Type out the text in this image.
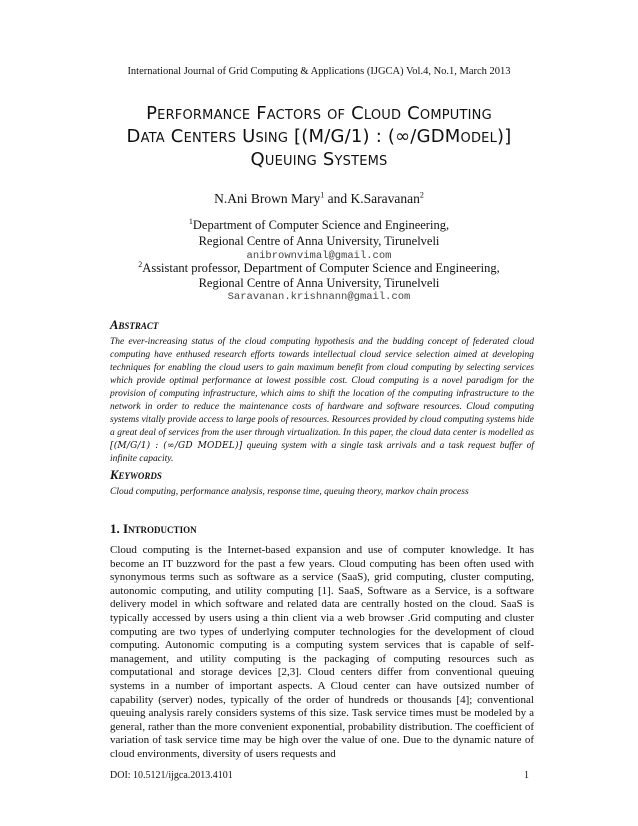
International Journal of Grid Computing & Applications (IJGCA) Vol.4, No.1, March 2013
Performance Factors of Cloud Computing
Data Centers Using [(M/G/1) : (∞/GDModel)]
Queuing Systems
N.Ani Brown Mary$^1$ and K.Saravanan$^2$
$^1$Department of Computer Science and Engineering,
Regional Centre of Anna University, Tirunelveli
anibrownvimal@gmail.com
$^2$Assistant professor, Department of Computer Science and Engineering,
Regional Centre of Anna University, Tirunelveli
Saravanan.krishnann@gmail.com
Abstract
The ever-increasing status of the cloud computing hypothesis and the budding concept of federated cloud computing have enthused research efforts towards intellectual cloud service selection aimed at developing techniques for enabling the cloud users to gain maximum benefit from cloud computing by selecting services which provide optimal performance at lowest possible cost. Cloud computing is a novel paradigm for the provision of computing infrastructure, which aims to shift the location of the computing infrastructure to the network in order to reduce the maintenance costs of hardware and software resources. Cloud computing systems vitally provide access to large pools of resources. Resources provided by cloud computing systems hide a great deal of services from the user through virtualization. In this paper, the cloud data center is modelled as [(M/G/1) : (∞/GD MODEL)] queuing system with a single task arrivals and a task request buffer of infinite capacity.
Keywords
Cloud computing, performance analysis, response time, queuing theory, markov chain process
1. Introduction
Cloud computing is the Internet-based expansion and use of computer knowledge. It has become an IT buzzword for the past a few years. Cloud computing has been often used with synonymous terms such as software as a service (SaaS), grid computing, cluster computing, autonomic computing, and utility computing [1]. SaaS, Software as a Service, is a software delivery model in which software and related data are centrally hosted on the cloud. SaaS is typically accessed by users using a thin client via a web browser .Grid computing and cluster computing are two types of underlying computer technologies for the development of cloud computing. Autonomic computing is a computing system services that is capable of self-management, and utility computing is the packaging of computing resources such as computational and storage devices [2,3]. Cloud centers differ from conventional queuing systems in a number of important aspects. A Cloud center can have outsized number of capability (server) nodes, typically of the order of hundreds or thousands [4]; conventional queuing analysis rarely considers systems of this size. Task service times must be modeled by a general, rather than the more convenient exponential, probability distribution. The coefficient of variation of task service time may be high over the value of one. Due to the dynamic nature of cloud environments, diversity of users requests and
DOI: 10.5121/ijgca.2013.4101	1
